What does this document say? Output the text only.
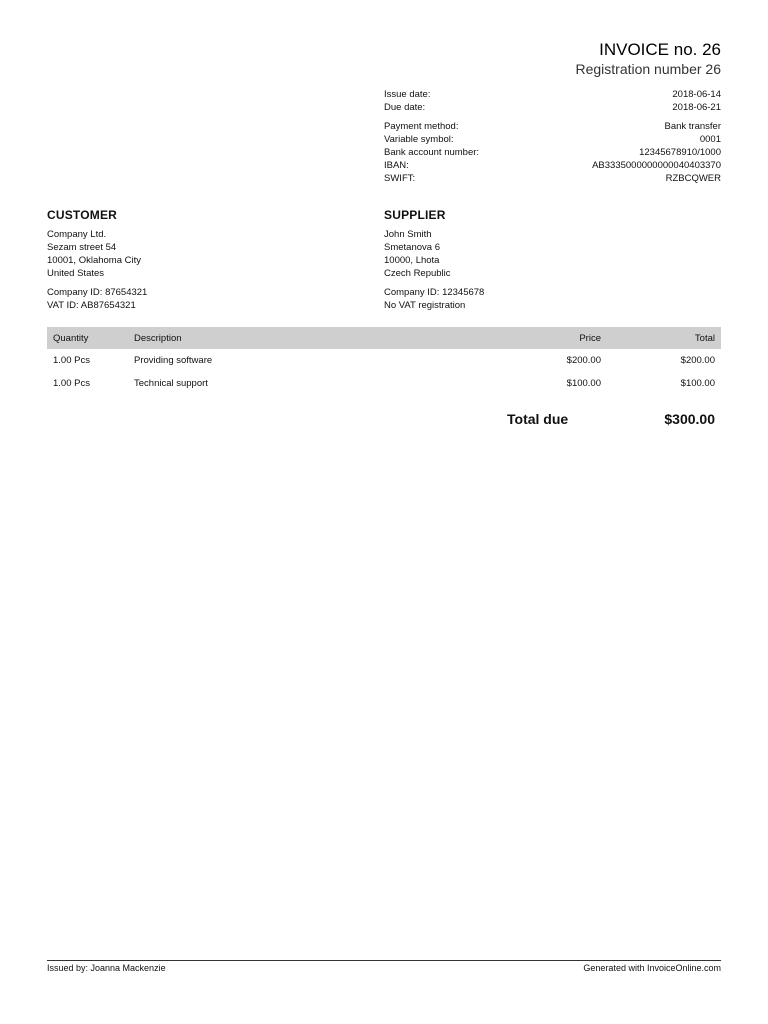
INVOICE no. 26
Registration number 26
Issue date:	2018-06-14
Due date:	2018-06-21
Payment method:	Bank transfer
Variable symbol:	0001
Bank account number:	12345678910/1000
IBAN:	AB3335000000000040403370
SWIFT:	RZBCQWER
CUSTOMER
Company Ltd.
Sezam street 54
10001, Oklahoma City
United States
Company ID: 87654321
VAT ID: AB87654321
SUPPLIER
John Smith
Smetanova 6
10000, Lhota
Czech Republic
Company ID: 12345678
No VAT registration
Quantity	Description	Price	Total
1.00 Pcs	Providing software	$200.00	$200.00
1.00 Pcs	Technical support	$100.00	$100.00
Total due	$300.00
Issued by: Joanna Mackenzie	Generated with InvoiceOnline.com
